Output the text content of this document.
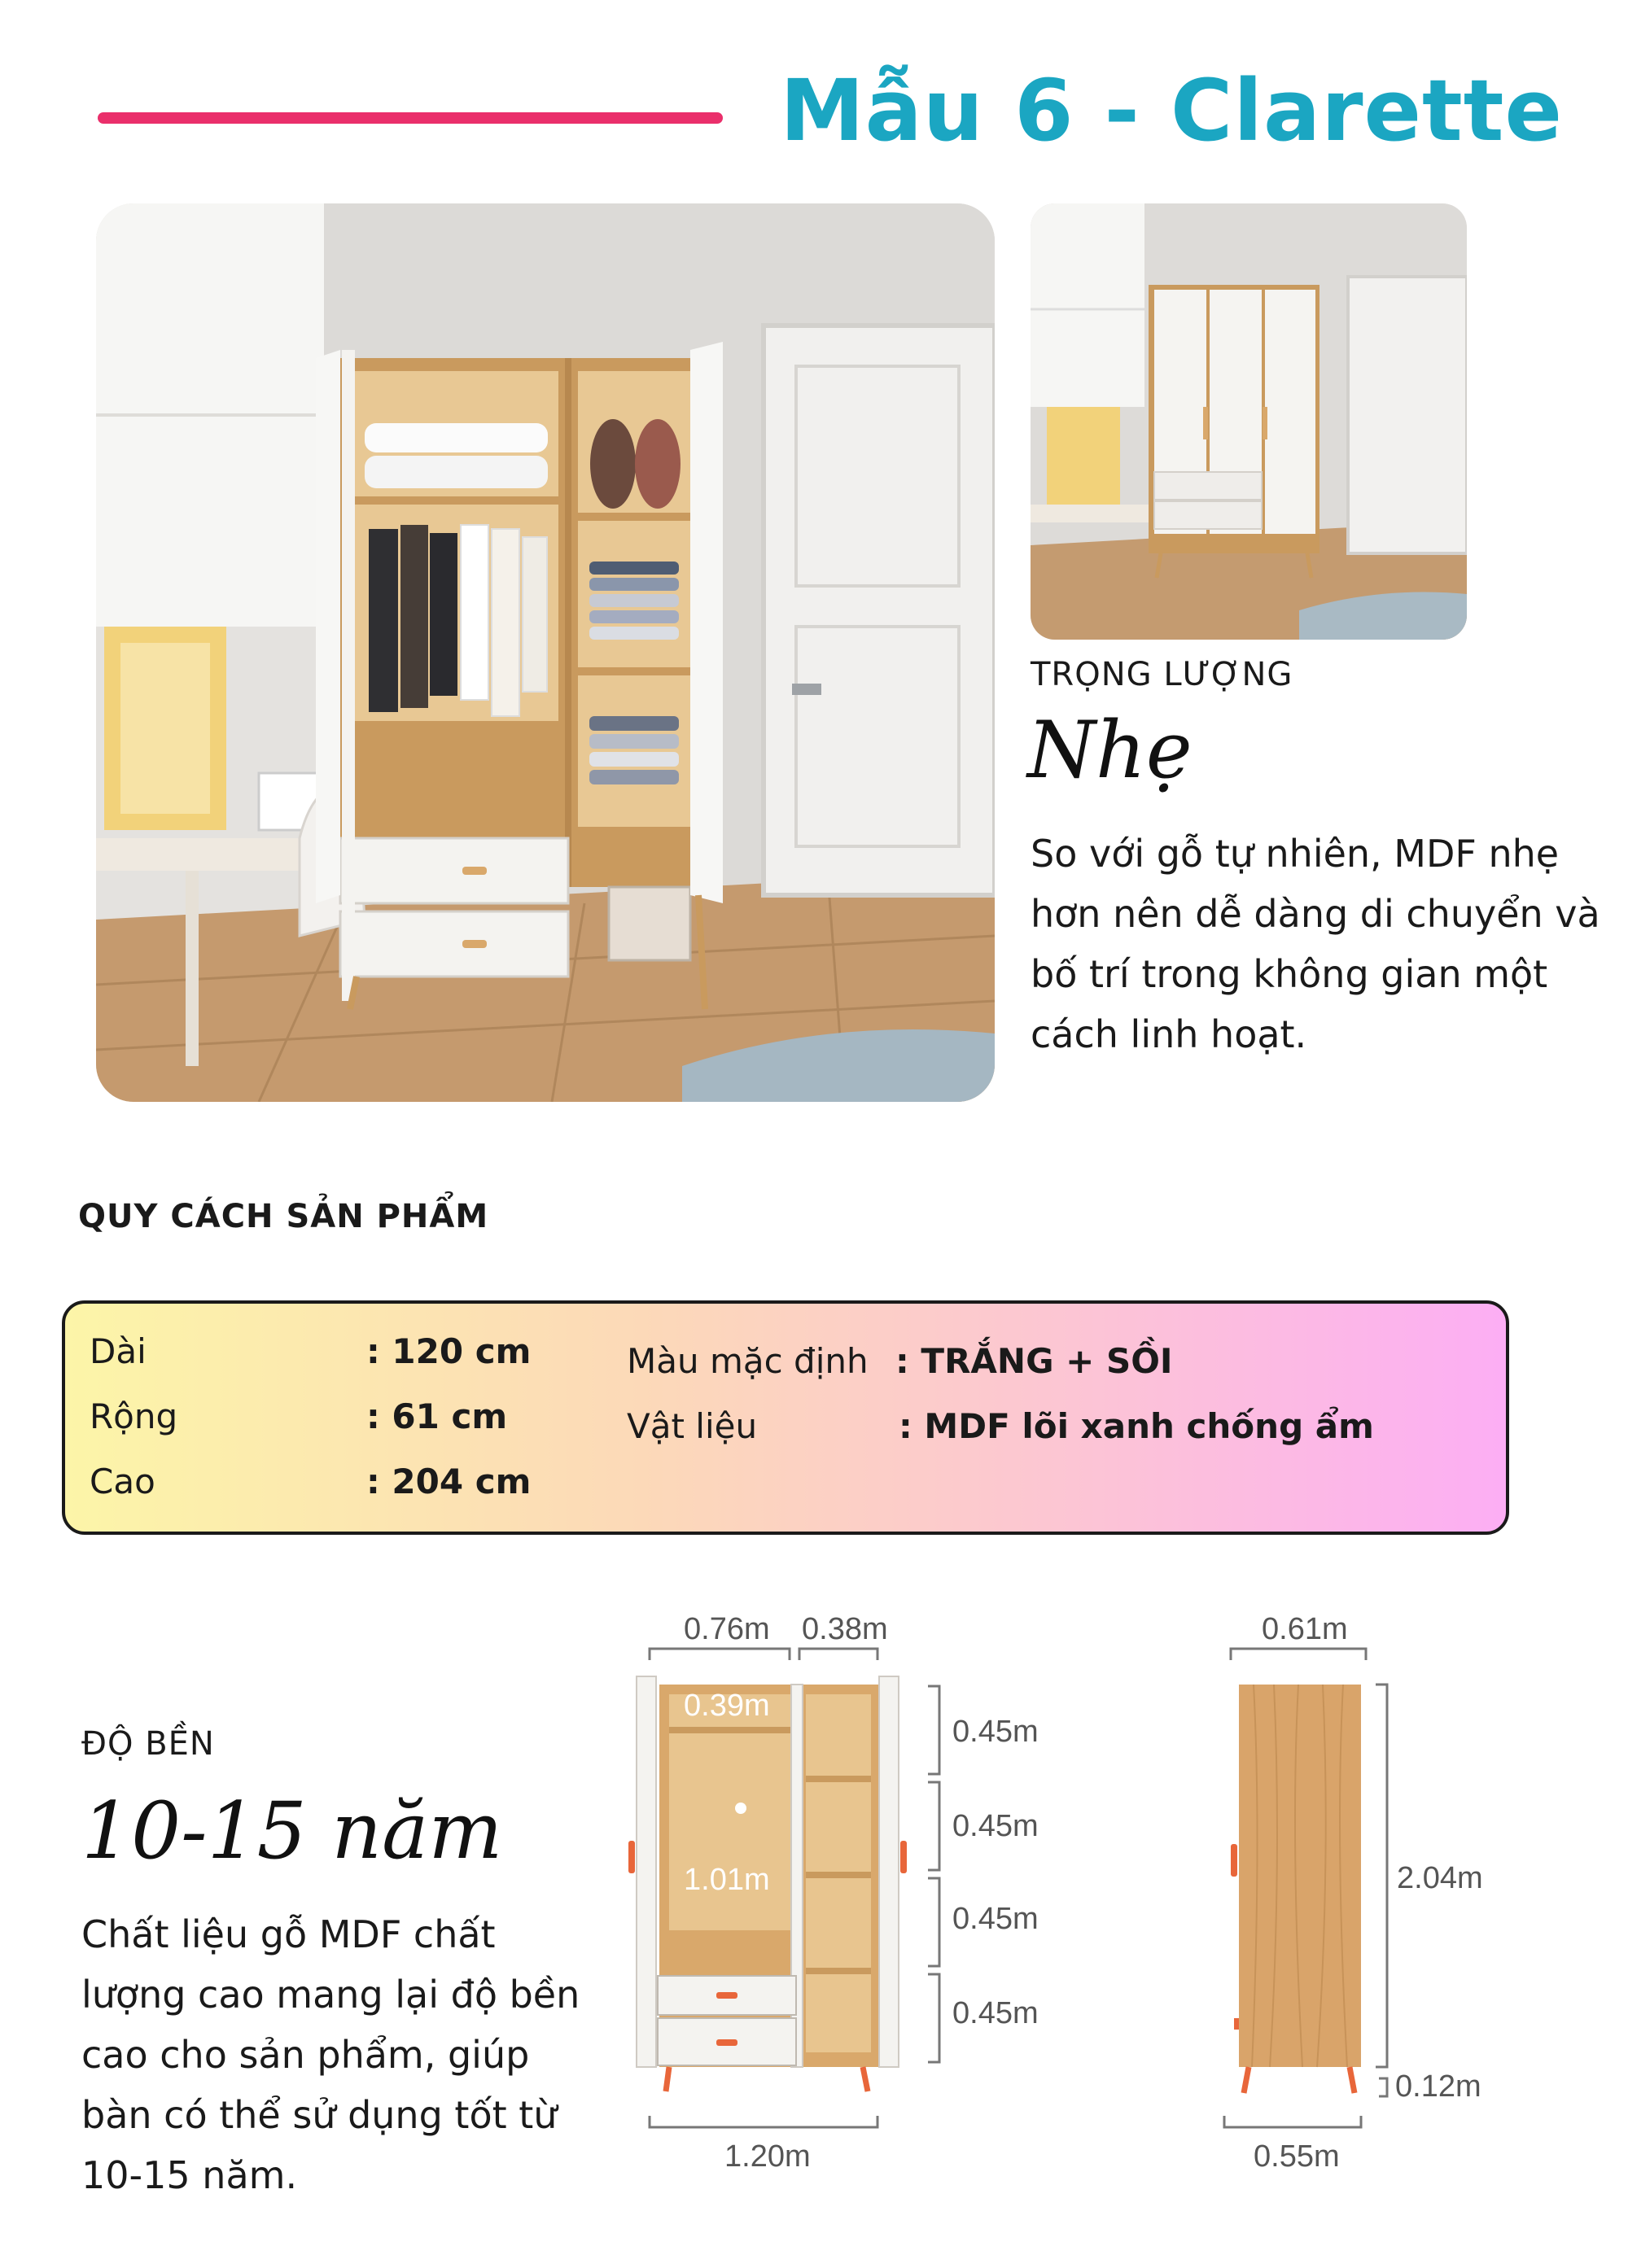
Mẫu 6 - Clarette
TRỌNG LƯỢNG
Nhẹ
So với gỗ tự nhiên, MDF nhẹ hơn nên dễ dàng di chuyển và bố trí trong không gian một cách linh hoạt.
QUY CÁCH SẢN PHẨM
Dài	: 120 cm
Rộng	: 61 cm
Cao	: 204 cm
Màu mặc định : TRẮNG + SỒI
Vật liệu	: MDF lõi xanh chống ẩm
ĐỘ BỀN
10-15 năm
Chất liệu gỗ MDF chất lượng cao mang lại độ bền cao cho sản phẩm, giúp bàn có thể sử dụng tốt từ 10-15 năm.
0.76m 0.38m
0.39m
1.01m
0.45m
0.45m
0.45m
0.45m
1.20m
0.61m
2.04m
0.12m
0.55m
